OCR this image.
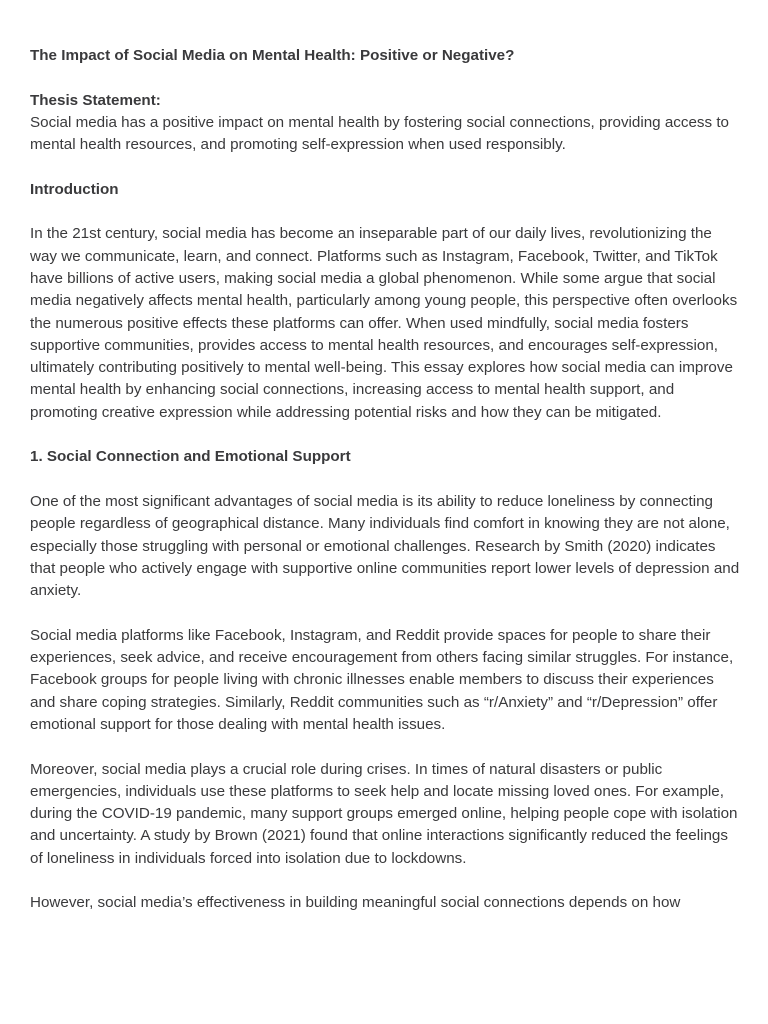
The Impact of Social Media on Mental Health: Positive or Negative?

Thesis Statement:

Social media has a positive impact on mental health by fostering social connections, providing access to mental health resources, and promoting self-expression when used responsibly.

Introduction

In the 21st century, social media has become an inseparable part of our daily lives, revolutionizing the way we communicate, learn, and connect. Platforms such as Instagram, Facebook, Twitter, and TikTok have billions of active users, making social media a global phenomenon. While some argue that social media negatively affects mental health, particularly among young people, this perspective often overlooks the numerous positive effects these platforms can offer. When used mindfully, social media fosters supportive communities, provides access to mental health resources, and encourages self-expression, ultimately contributing positively to mental well-being. This essay explores how social media can improve mental health by enhancing social connections, increasing access to mental health support, and promoting creative expression while addressing potential risks and how they can be mitigated.

1. Social Connection and Emotional Support

One of the most significant advantages of social media is its ability to reduce loneliness by connecting people regardless of geographical distance. Many individuals find comfort in knowing they are not alone, especially those struggling with personal or emotional challenges. Research by Smith (2020) indicates that people who actively engage with supportive online communities report lower levels of depression and anxiety.

Social media platforms like Facebook, Instagram, and Reddit provide spaces for people to share their experiences, seek advice, and receive encouragement from others facing similar struggles. For instance, Facebook groups for people living with chronic illnesses enable members to discuss their experiences and share coping strategies. Similarly, Reddit communities such as “r/Anxiety” and “r/Depression” offer emotional support for those dealing with mental health issues.

Moreover, social media plays a crucial role during crises. In times of natural disasters or public emergencies, individuals use these platforms to seek help and locate missing loved ones. For example, during the COVID-19 pandemic, many support groups emerged online, helping people cope with isolation and uncertainty. A study by Brown (2021) found that online interactions significantly reduced the feelings of loneliness in individuals forced into isolation due to lockdowns.

However, social media’s effectiveness in building meaningful social connections depends on how
